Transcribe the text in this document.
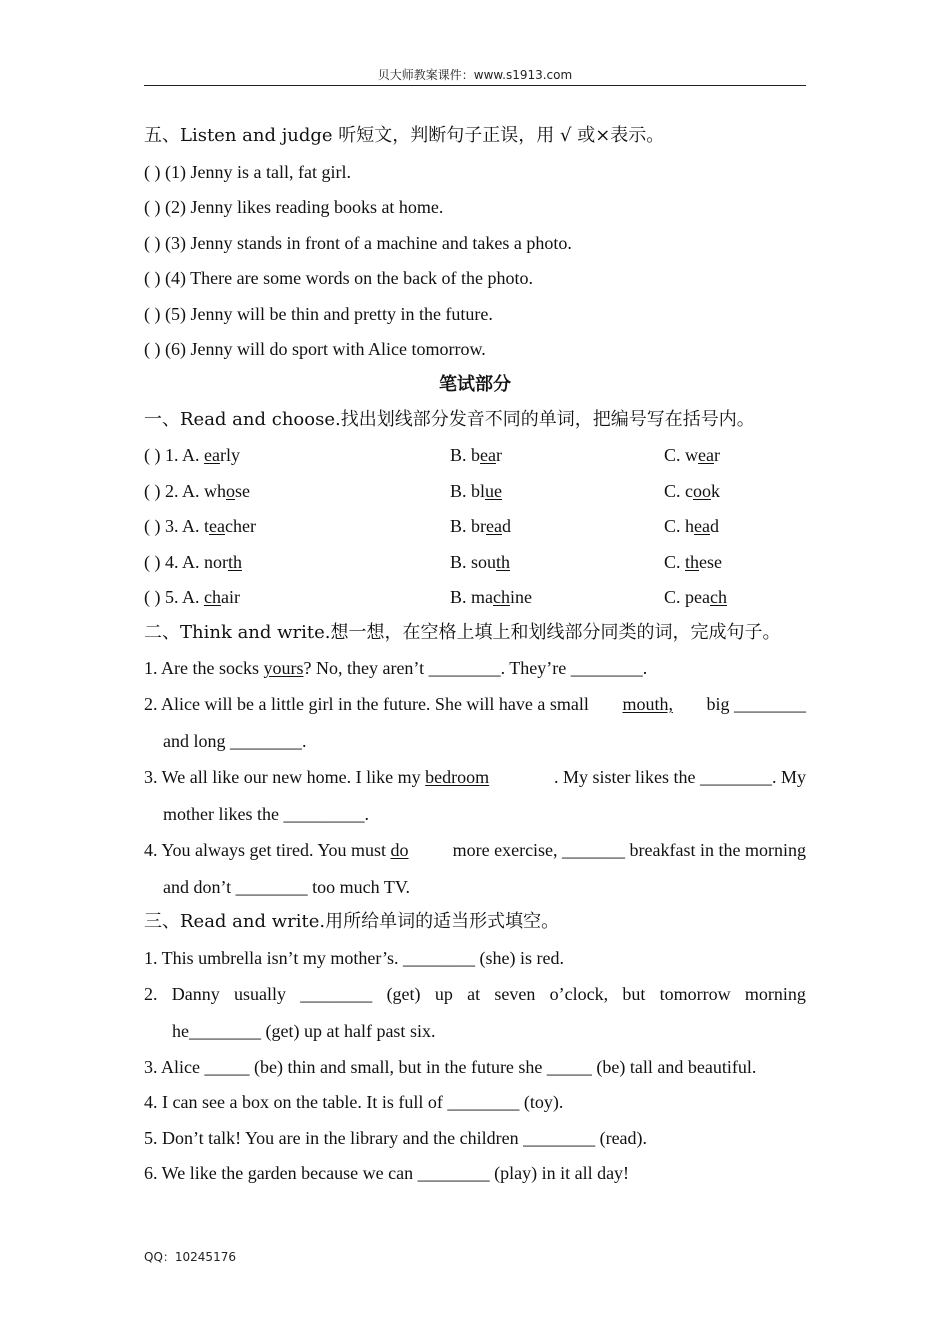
贝大师教案课件：www.s1913.com
五、Listen and judge 听短文，判断句子正误，用 √ 或×表示。
( ) (1) Jenny is a tall, fat girl.
( ) (2) Jenny likes reading books at home.
( ) (3) Jenny stands in front of a machine and takes a photo.
( ) (4) There are some words on the back of the photo.
( ) (5) Jenny will be thin and pretty in the future.
( ) (6) Jenny will do sport with Alice tomorrow.
笔试部分
一、Read and choose.找出划线部分发音不同的单词，把编号写在括号内。
( ) 1. A. early	B. bear	C. wear
( ) 2. A. whose	B. blue	C. cook
( ) 3. A. teacher	B. bread	C. head
( ) 4. A. north	B. south	C. these
( ) 5. A. chair	B. machine	C. peach
二、Think and write.想一想，在空格上填上和划线部分同类的词，完成句子。
1. Are the socks yours? No, they aren’t ________. They’re ________.
2. Alice will be a little girl in the future. She will have a small mouth, big ________
and long ________.
3. We all like our new home. I like my bedroom	. My sister likes the ________. My
mother likes the _________.
4. You always get tired. You must do more exercise, _______ breakfast in the morning
and don’t ________ too much TV.
三、Read and write.用所给单词的适当形式填空。
1. This umbrella isn’t my mother’s. ________ (she) is red.
2. Danny usually ________ (get) up at seven o’clock, but tomorrow morning
he________ (get) up at half past six.
3. Alice _____ (be) thin and small, but in the future she _____ (be) tall and beautiful.
4. I can see a box on the table. It is full of ________ (toy).
5. Don’t talk! You are in the library and the children ________ (read).
6. We like the garden because we can ________ (play) in it all day!
QQ：10245176
